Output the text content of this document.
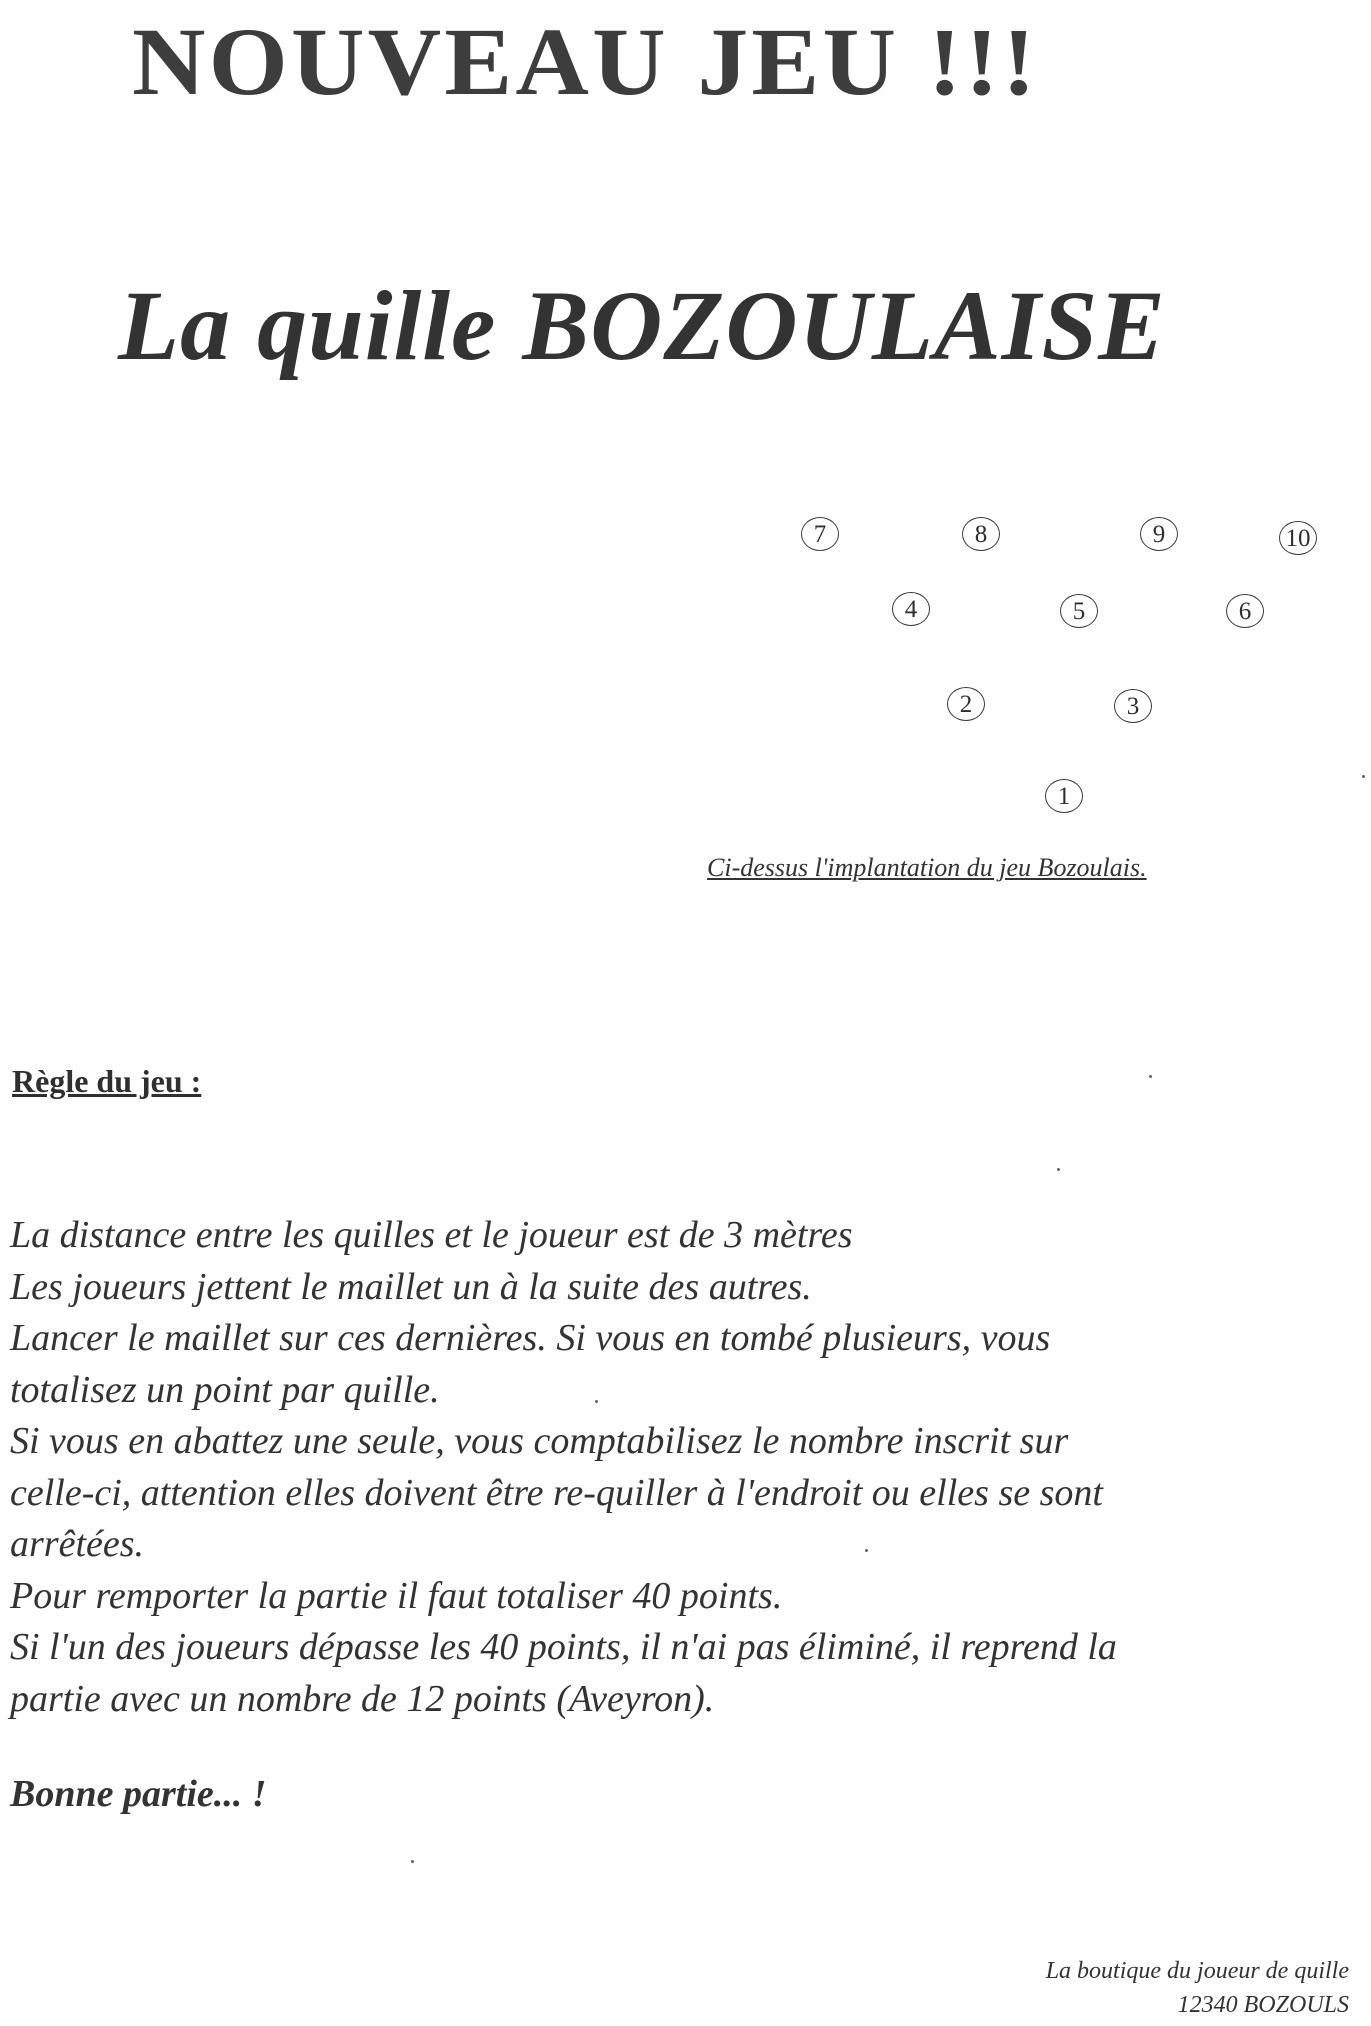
NOUVEAU JEU !!!
La quille BOZOULAISE
7	8	9	10
4	5	6
2	3
1
Ci-dessus l'implantation du jeu Bozoulais.
Règle du jeu :
La distance entre les quilles et le joueur est de 3 mètres
Les joueurs jettent le maillet un à la suite des autres.
Lancer le maillet sur ces dernières. Si vous en tombé plusieurs, vous
totalisez un point par quille.
Si vous en abattez une seule, vous comptabilisez le nombre inscrit sur
celle-ci, attention elles doivent être re-quiller à l'endroit ou elles se sont
arrêtées.
Pour remporter la partie il faut totaliser 40 points.
Si l'un des joueurs dépasse les 40 points, il n'ai pas éliminé, il reprend la
partie avec un nombre de 12 points (Aveyron).
Bonne partie... !
La boutique du joueur de quille
12340 BOZOULS
